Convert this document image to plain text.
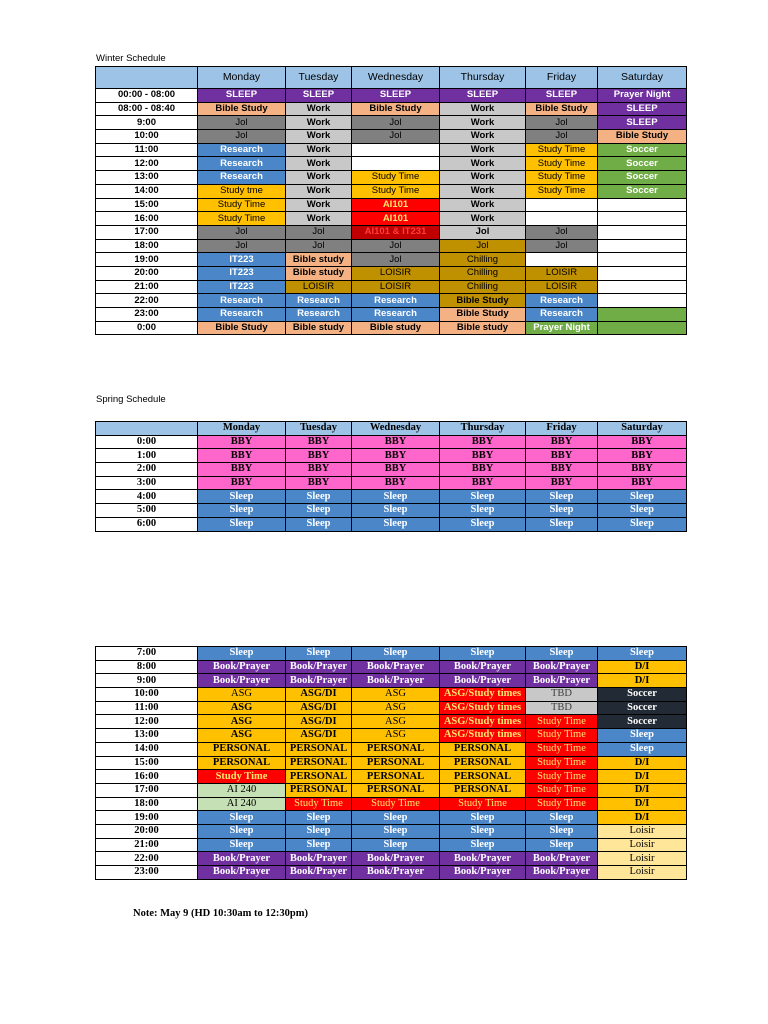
Winter Schedule
	Monday	Tuesday	Wednesday	Thursday	Friday	Saturday
00:00 - 08:00	SLEEP	SLEEP	SLEEP	SLEEP	SLEEP	Prayer Night
08:00 - 08:40	Bible Study	Work	Bible Study	Work	Bible Study	SLEEP
9:00	Jol	Work	Jol	Work	Jol	SLEEP
10:00	Jol	Work	Jol	Work	Jol	Bible Study
11:00	Research	Work		Work	Study Time	Soccer
12:00	Research	Work		Work	Study Time	Soccer
13:00	Research	Work	Study Time	Work	Study Time	Soccer
14:00	Study tme	Work	Study Time	Work	Study Time	Soccer
15:00	Study Time	Work	AI101	Work		
16:00	Study Time	Work	AI101	Work		
17:00	Jol	Jol	AI101 & IT231	Jol	Jol	
18:00	Jol	Jol	Jol	Jol	Jol	
19:00	IT223	Bible study	Jol	Chilling		
20:00	IT223	Bible study	LOISIR	Chilling	LOISIR	
21:00	IT223	LOISIR	LOISIR	Chilling	LOISIR	
22:00	Research	Research	Research	Bible Study	Research	
23:00	Research	Research	Research	Bible Study	Research	
0:00	Bible Study	Bible study	Bible study	Bible study	Prayer Night	
Spring Schedule
	Monday	Tuesday	Wednesday	Thursday	Friday	Saturday
0:00	BBY	BBY	BBY	BBY	BBY	BBY
1:00	BBY	BBY	BBY	BBY	BBY	BBY
2:00	BBY	BBY	BBY	BBY	BBY	BBY
3:00	BBY	BBY	BBY	BBY	BBY	BBY
4:00	Sleep	Sleep	Sleep	Sleep	Sleep	Sleep
5:00	Sleep	Sleep	Sleep	Sleep	Sleep	Sleep
6:00	Sleep	Sleep	Sleep	Sleep	Sleep	Sleep
7:00	Sleep	Sleep	Sleep	Sleep	Sleep	Sleep
8:00	Book/Prayer	Book/Prayer	Book/Prayer	Book/Prayer	Book/Prayer	D/I
9:00	Book/Prayer	Book/Prayer	Book/Prayer	Book/Prayer	Book/Prayer	D/I
10:00	ASG	ASG/DI	ASG	ASG/Study times	TBD	Soccer
11:00	ASG	ASG/DI	ASG	ASG/Study times	TBD	Soccer
12:00	ASG	ASG/DI	ASG	ASG/Study times	Study Time	Soccer
13:00	ASG	ASG/DI	ASG	ASG/Study times	Study Time	Sleep
14:00	PERSONAL	PERSONAL	PERSONAL	PERSONAL	Study Time	Sleep
15:00	PERSONAL	PERSONAL	PERSONAL	PERSONAL	Study Time	D/I
16:00	Study Time	PERSONAL	PERSONAL	PERSONAL	Study Time	D/I
17:00	AI 240	PERSONAL	PERSONAL	PERSONAL	Study Time	D/I
18:00	AI 240	Study Time	Study Time	Study Time	Study Time	D/I
19:00	Sleep	Sleep	Sleep	Sleep	Sleep	D/I
20:00	Sleep	Sleep	Sleep	Sleep	Sleep	Loisir
21:00	Sleep	Sleep	Sleep	Sleep	Sleep	Loisir
22:00	Book/Prayer	Book/Prayer	Book/Prayer	Book/Prayer	Book/Prayer	Loisir
23:00	Book/Prayer	Book/Prayer	Book/Prayer	Book/Prayer	Book/Prayer	Loisir
Note: May 9 (HD 10:30am to 12:30pm)
